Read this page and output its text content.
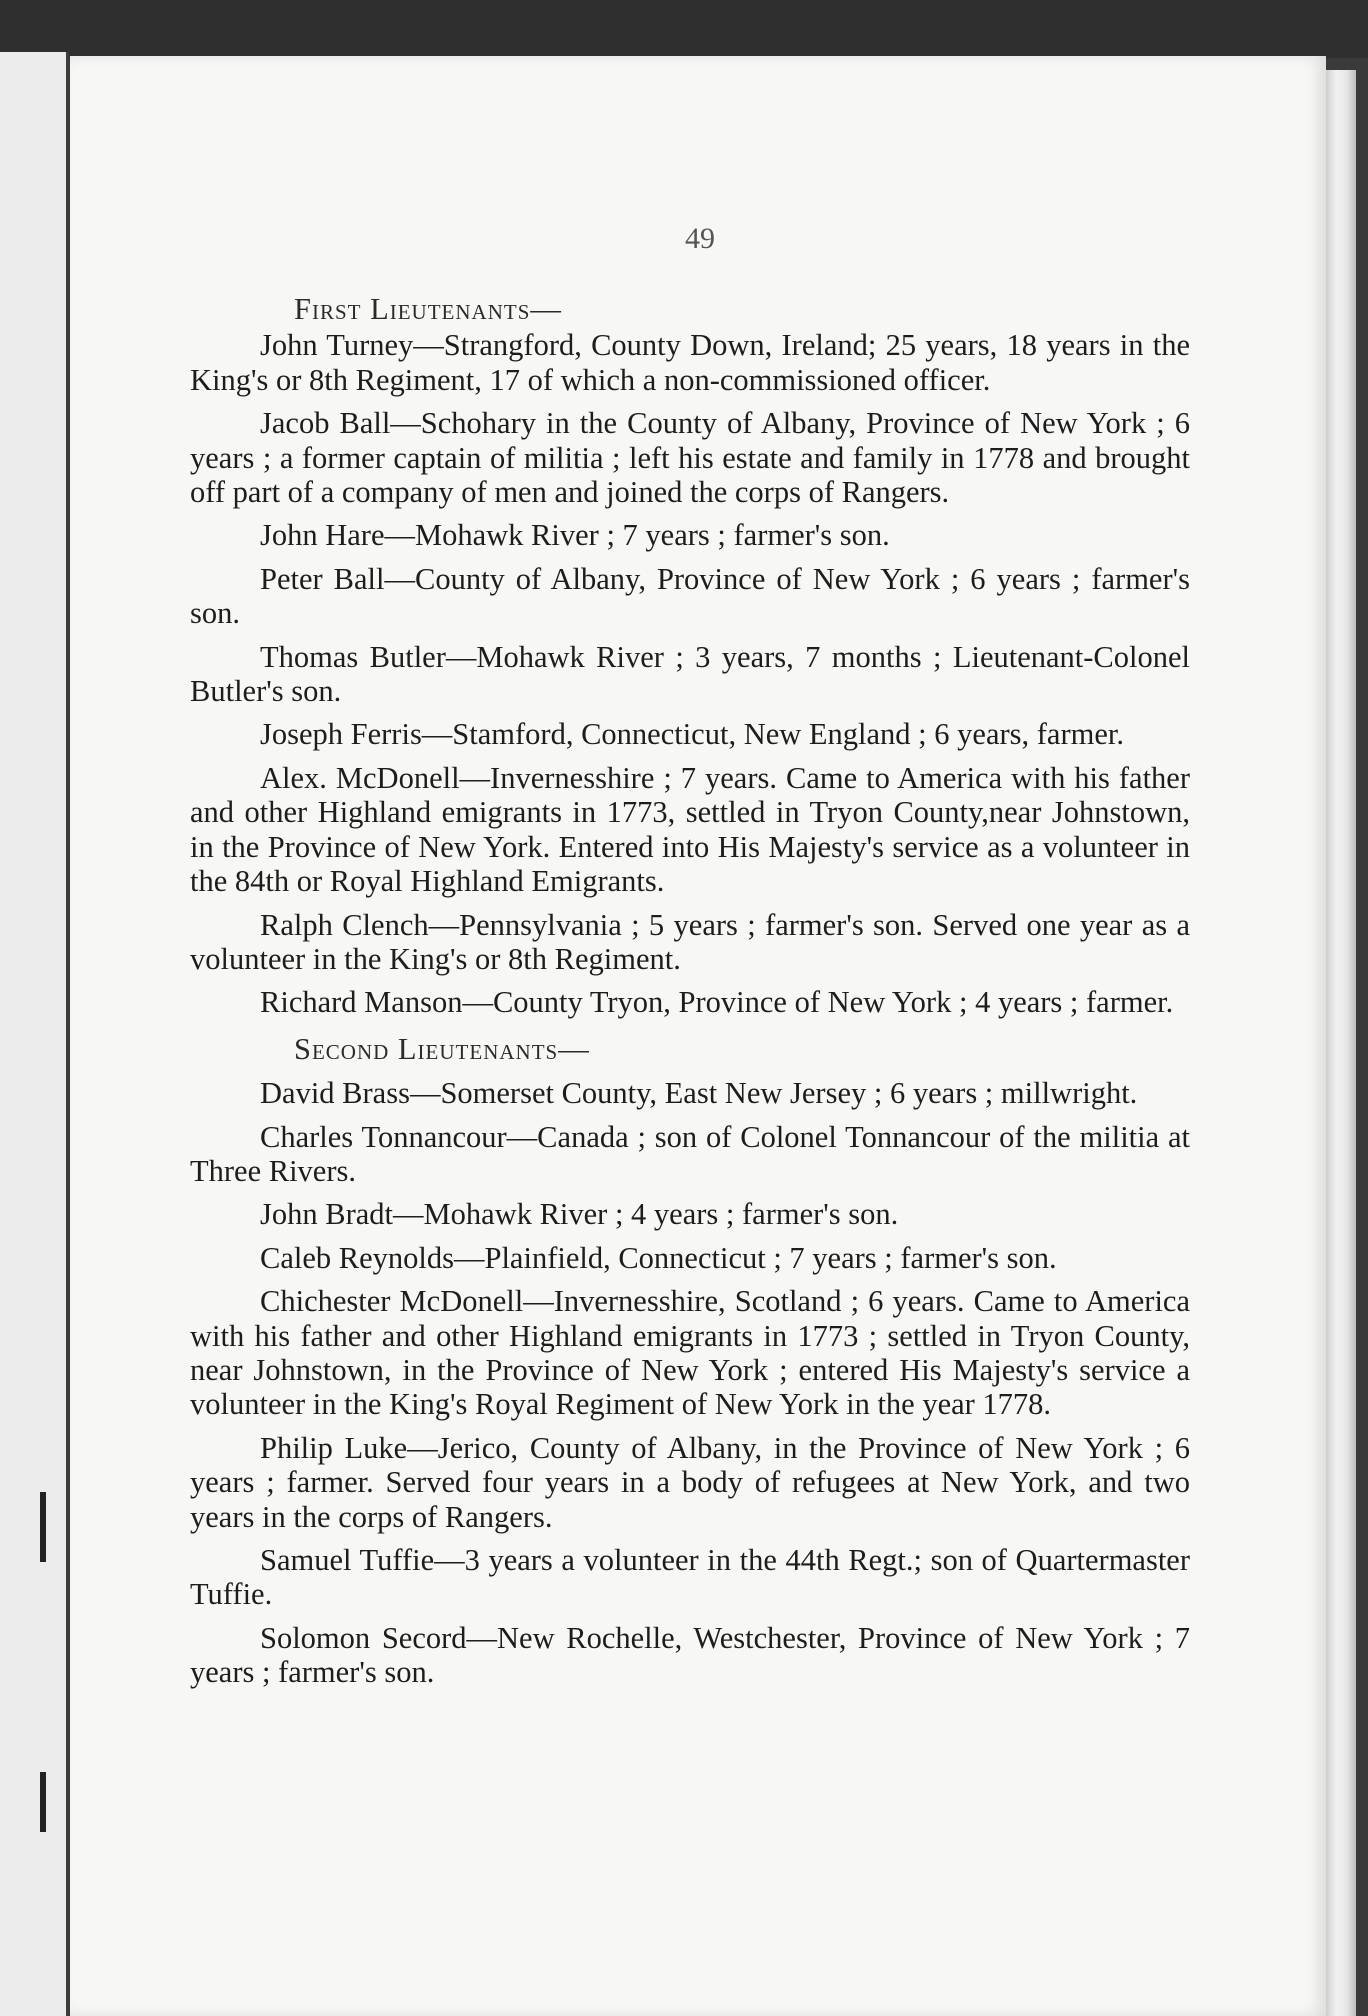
49
First Lieutenants—

John Turney—Strangford, County Down, Ireland; 25 years, 18 years in the King's or 8th Regiment, 17 of which a non-commissioned officer.

Jacob Ball—Schohary in the County of Albany, Province of New York ; 6 years ; a former captain of militia ; left his estate and family in 1778 and brought off part of a company of men and joined the corps of Rangers.

John Hare—Mohawk River ; 7 years ; farmer's son.

Peter Ball—County of Albany, Province of New York ; 6 years ; farmer's son.

Thomas Butler—Mohawk River ; 3 years, 7 months ; Lieutenant-Colonel Butler's son.

Joseph Ferris—Stamford, Connecticut, New England ; 6 years, farmer.

Alex. McDonell—Invernesshire ; 7 years. Came to America with his father and other Highland emigrants in 1773, settled in Tryon County,near Johnstown, in the Province of New York. Entered into His Majesty's service as a volunteer in the 84th or Royal Highland Emigrants.

Ralph Clench—Pennsylvania ; 5 years ; farmer's son. Served one year as a volunteer in the King's or 8th Regiment.

Richard Manson—County Tryon, Province of New York ; 4 years ; farmer.

Second Lieutenants—

David Brass—Somerset County, East New Jersey ; 6 years ; millwright.

Charles Tonnancour—Canada ; son of Colonel Tonnancour of the militia at Three Rivers.

John Bradt—Mohawk River ; 4 years ; farmer's son.

Caleb Reynolds—Plainfield, Connecticut ; 7 years ; farmer's son.

Chichester McDonell—Invernesshire, Scotland ; 6 years. Came to America with his father and other Highland emigrants in 1773 ; settled in Tryon County, near Johnstown, in the Province of New York ; entered His Majesty's service a volunteer in the King's Royal Regiment of New York in the year 1778.

Philip Luke—Jerico, County of Albany, in the Province of New York ; 6 years ; farmer. Served four years in a body of refugees at New York, and two years in the corps of Rangers.

Samuel Tuffie—3 years a volunteer in the 44th Regt.; son of Quartermaster Tuffie.

Solomon Secord—New Rochelle, Westchester, Province of New York ; 7 years ; farmer's son.
